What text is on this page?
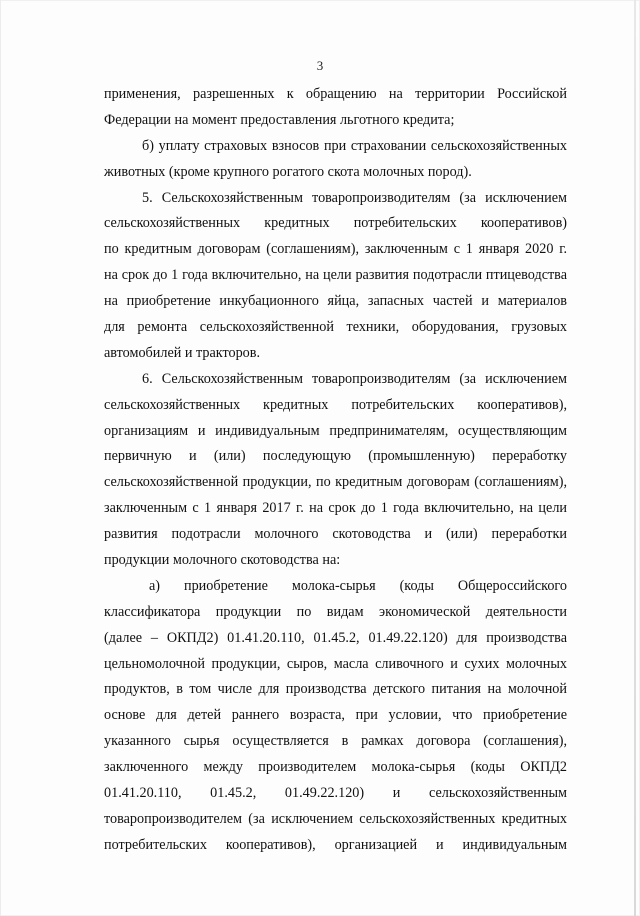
3
применения, разрешенных к обращению на территории Российской
Федерации на момент предоставления льготного кредита;
б) уплату страховых взносов при страховании сельскохозяйственных
животных (кроме крупного рогатого скота молочных пород).
5. Сельскохозяйственным товаропроизводителям (за исключением
сельскохозяйственных кредитных потребительских кооперативов)
по кредитным договорам (соглашениям), заключенным с 1 января 2020 г.
на срок до 1 года включительно, на цели развития подотрасли птицеводства
на приобретение инкубационного яйца, запасных частей и материалов
для ремонта сельскохозяйственной техники, оборудования, грузовых
автомобилей и тракторов.
6. Сельскохозяйственным товаропроизводителям (за исключением
сельскохозяйственных кредитных потребительских кооперативов),
организациям и индивидуальным предпринимателям, осуществляющим
первичную и (или) последующую (промышленную) переработку
сельскохозяйственной продукции, по кредитным договорам (соглашениям),
заключенным с 1 января 2017 г. на срок до 1 года включительно, на цели
развития подотрасли молочного скотоводства и (или) переработки
продукции молочного скотоводства на:
а) приобретение молока-сырья (коды Общероссийского
классификатора продукции по видам экономической деятельности
(далее – ОКПД2) 01.41.20.110, 01.45.2, 01.49.22.120) для производства
цельномолочной продукции, сыров, масла сливочного и сухих молочных
продуктов, в том числе для производства детского питания на молочной
основе для детей раннего возраста, при условии, что приобретение
указанного сырья осуществляется в рамках договора (соглашения),
заключенного между производителем молока-сырья (коды ОКПД2
01.41.20.110, 01.45.2, 01.49.22.120) и сельскохозяйственным
товаропроизводителем (за исключением сельскохозяйственных кредитных
потребительских кооперативов), организацией и индивидуальным
